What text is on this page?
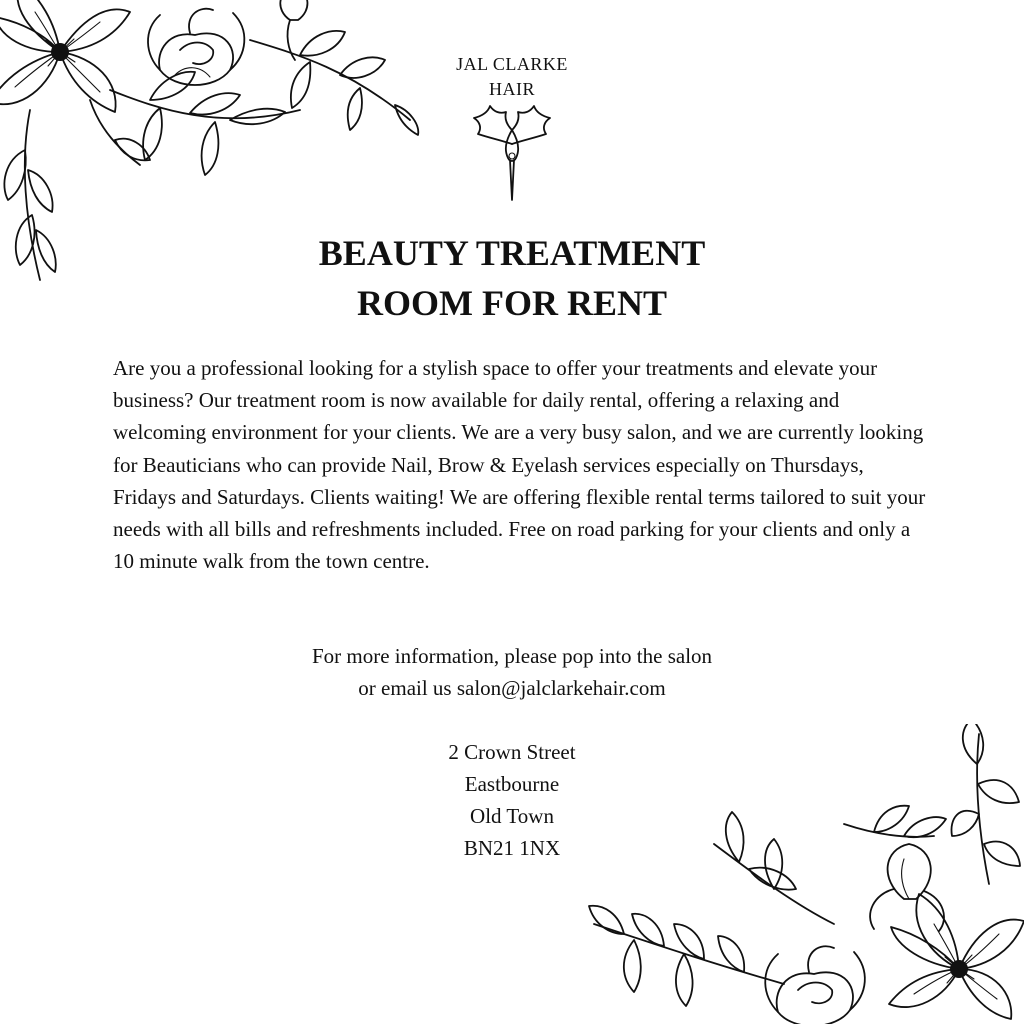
JAL CLARKE
HAIR
BEAUTY TREATMENT
ROOM FOR RENT
Are you a professional looking for a stylish space to offer your treatments and elevate your business? Our treatment room is now available for daily rental, offering a relaxing and welcoming environment for your clients. We are a very busy salon, and we are currently looking for Beauticians who can provide Nail, Brow & Eyelash services especially on Thursdays, Fridays and Saturdays. Clients waiting! We are offering flexible rental terms tailored to suit your needs with all bills and refreshments included. Free on road parking for your clients and only a 10 minute walk from the town centre.
For more information, please pop into the salon
or email us salon@jalclarkehair.com
2 Crown Street
Eastbourne
Old Town
BN21 1NX
